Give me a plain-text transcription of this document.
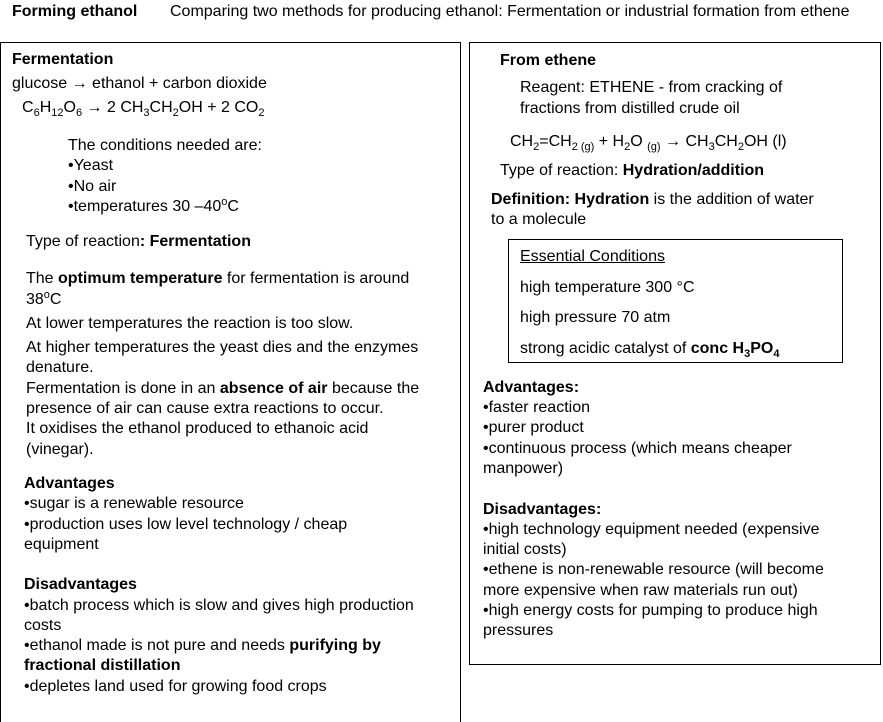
Forming ethanol Comparing two methods for producing ethanol: Fermentation or industrial formation from ethene
Fermentation
glucose → ethanol + carbon dioxide
$C_6H_{12}O_6 \to 2$ $CH_3CH_2OH + 2$ $CO_2$
The conditions needed are:
•Yeast
•No air
•temperatures 30 –40$^o$C
Type of reaction: Fermentation
The optimum temperature for fermentation is around
38$^o$C
At lower temperatures the reaction is too slow.
At higher temperatures the yeast dies and the enzymes
denature.
Fermentation is done in an absence of air because the
presence of air can cause extra reactions to occur.
It oxidises the ethanol produced to ethanoic acid
(vinegar).
Advantages
•sugar is a renewable resource
•production uses low level technology / cheap
equipment
Disadvantages
•batch process which is slow and gives high production
costs
•ethanol made is not pure and needs purifying by
fractional distillation
•depletes land used for growing food crops
From ethene
Reagent: ETHENE - from cracking of
fractions from distilled crude oil
$CH_2=CH_{2 (g)} + H_2O$ $_{(g)} \to CH_3CH_2OH$ (l)
Type of reaction: Hydration/addition
Definition: Hydration is the addition of water
to a molecule
Essential Conditions
high temperature 300 °C
high pressure 70 atm
strong acidic catalyst of conc $H_3PO_4$
Advantages:
•faster reaction
•purer product
•continuous process (which means cheaper
manpower)
Disadvantages:
•high technology equipment needed (expensive
initial costs)
•ethene is non-renewable resource (will become
more expensive when raw materials run out)
•high energy costs for pumping to produce high
pressures
